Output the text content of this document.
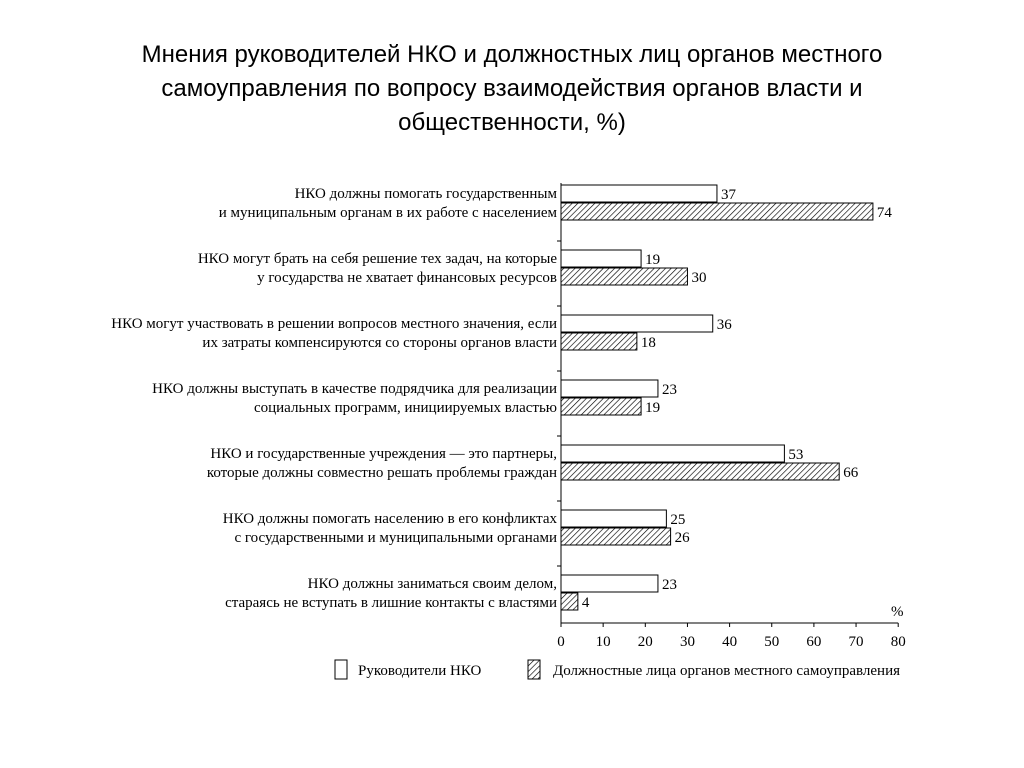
Мнения руководителей НКО и должностных лиц органов местного
самоуправления по вопросу взаимодействия органов власти и
общественности, %)
0 10 20 30 40 50 60 70 80
%
НКО должны помогать государственным
и муниципальным органам в их работе с населением
37
74
НКО могут брать на себя решение тех задач, на которые
у государства не хватает финансовых ресурсов
19
30
НКО могут участвовать в решении вопросов местного значения, если
их затраты компенсируются со стороны органов власти
36
18
НКО должны выступать в качестве подрядчика для реализации
социальных программ, инициируемых властью
23
19
НКО и государственные учреждения — это партнеры,
которые должны совместно решать проблемы граждан
53
66
НКО должны помогать населению в его конфликтах
с государственными и муниципальными органами
25
26
НКО должны заниматься своим делом,
стараясь не вступать в лишние контакты с властями
23
4
Руководители НКО	Должностные лица органов местного самоуправления
